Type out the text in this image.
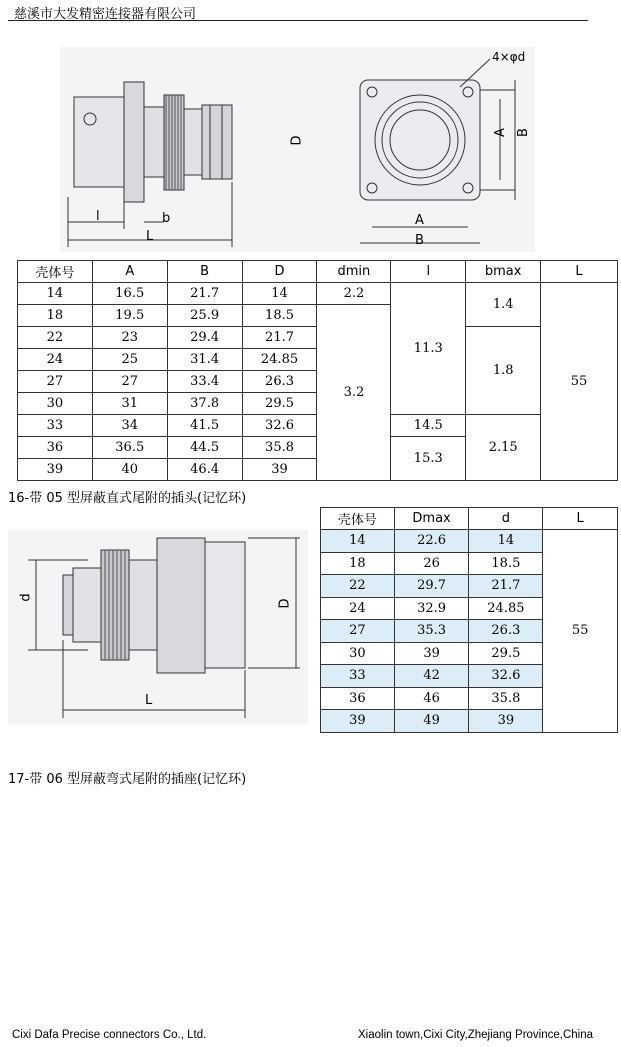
慈溪市大发精密连接器有限公司
D
l	b
L
4×φd
A B
A
B
壳体号	A	B	D	dmin	l	bmax	L
14	16.5	21.7	14	2.2	11.3	1.4	55
18	19.5	25.9	18.5	3.2			
22	23	29.4	21.7			1.8	
24	25	31.4	24.85				
27	27	33.4	26.3				
30	31	37.8	29.5				
33	34	41.5	32.6		14.5	2.15	
36	36.5	44.5	35.8		15.3		
39	40	46.4	39				
16-带 05 型屏蔽直式尾附的插头(记忆环)
d
D
L
壳体号	Dmax	d	L
14	22.6	14	55
18	26	18.5	
22	29.7	21.7	
24	32.9	24.85	
27	35.3	26.3	
30	39	29.5	
33	42	32.6	
36	46	35.8	
39	49	39	
17-带 06 型屏蔽弯式尾附的插座(记忆环)
Cixi Dafa Precise connectors Co., Ltd.	Xiaolin town,Cixi City,Zhejiang Province,China
